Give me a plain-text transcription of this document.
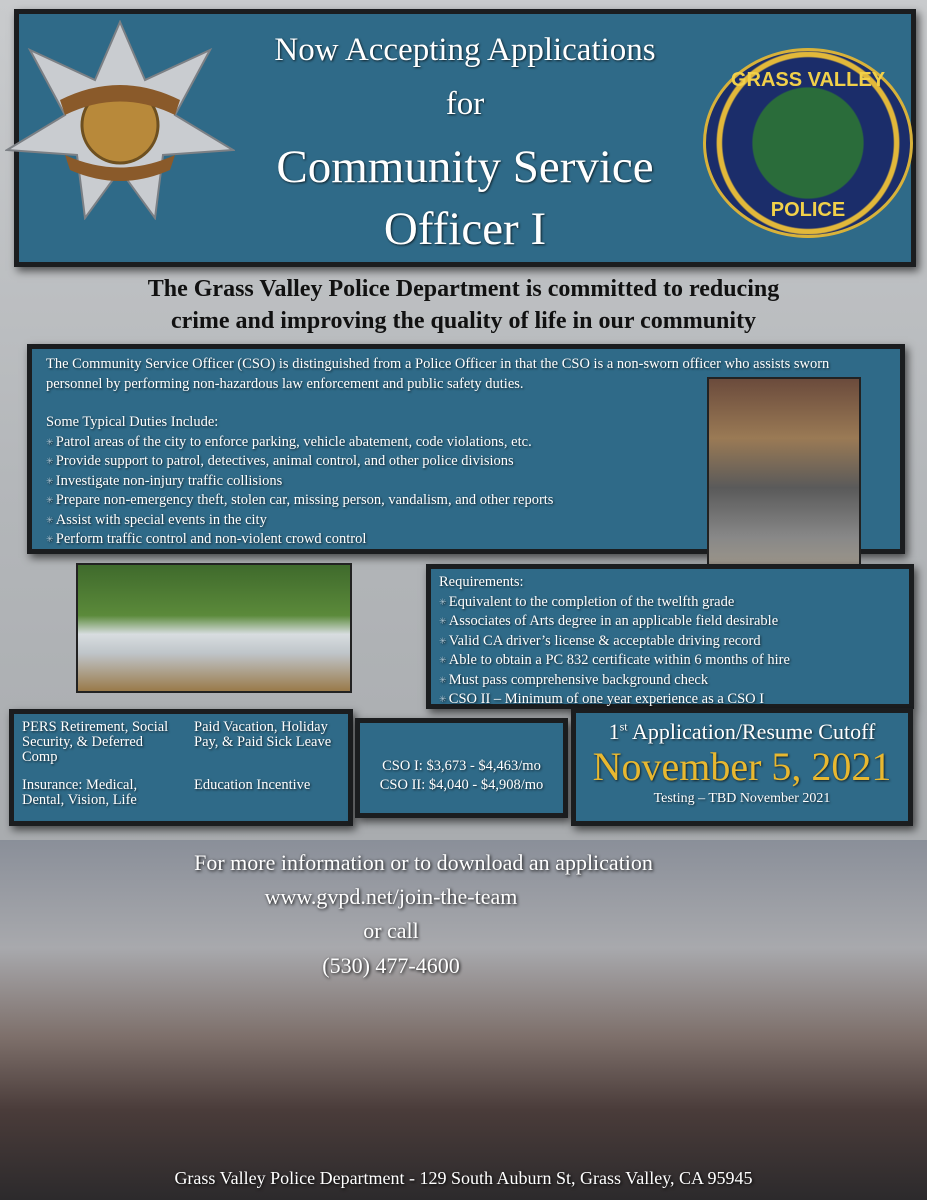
Now Accepting Applications
for
Community Service
Officer I
GRASS VALLEY
POLICE
The Grass Valley Police Department is committed to reducing
crime and improving the quality of life in our community

The Community Service Officer (CSO) is distinguished from a Police Officer in that the CSO is a non-sworn officer who assists sworn personnel by performing non-hazardous law enforcement and public safety duties.

Some Typical Duties Include:

✳ Patrol areas of the city to enforce parking, vehicle abatement, code violations, etc.
✳ Provide support to patrol, detectives, animal control, and other police divisions
✳ Investigate non-injury traffic collisions
✳ Prepare non-emergency theft, stolen car, missing person, vandalism, and other reports
✳ Assist with special events in the city
✳ Perform traffic control and non-violent crowd control

Requirements:

✳ Equivalent to the completion of the twelfth grade
✳ Associates of Arts degree in an applicable field desirable
✳ Valid CA driver’s license & acceptable driving record
✳ Able to obtain a PC 832 certificate within 6 months of hire
✳ Must pass comprehensive background check
✳ CSO II – Minimum of one year experience as a CSO I
PERS Retirement, Social Security, & Deferred Comp
Paid Vacation, Holiday Pay, & Paid Sick Leave
Insurance: Medical, Dental, Vision, Life
Education Incentive
CSO I: $3,673 - $4,463/mo
CSO II: $4,040 - $4,908/mo
1st Application/Resume Cutoff
November 5, 2021
Testing – TBD November 2021
For more information or to download an application
www.gvpd.net/join-the-team
or call
(530) 477-4600
Grass Valley Police Department - 129 South Auburn St, Grass Valley, CA 95945
